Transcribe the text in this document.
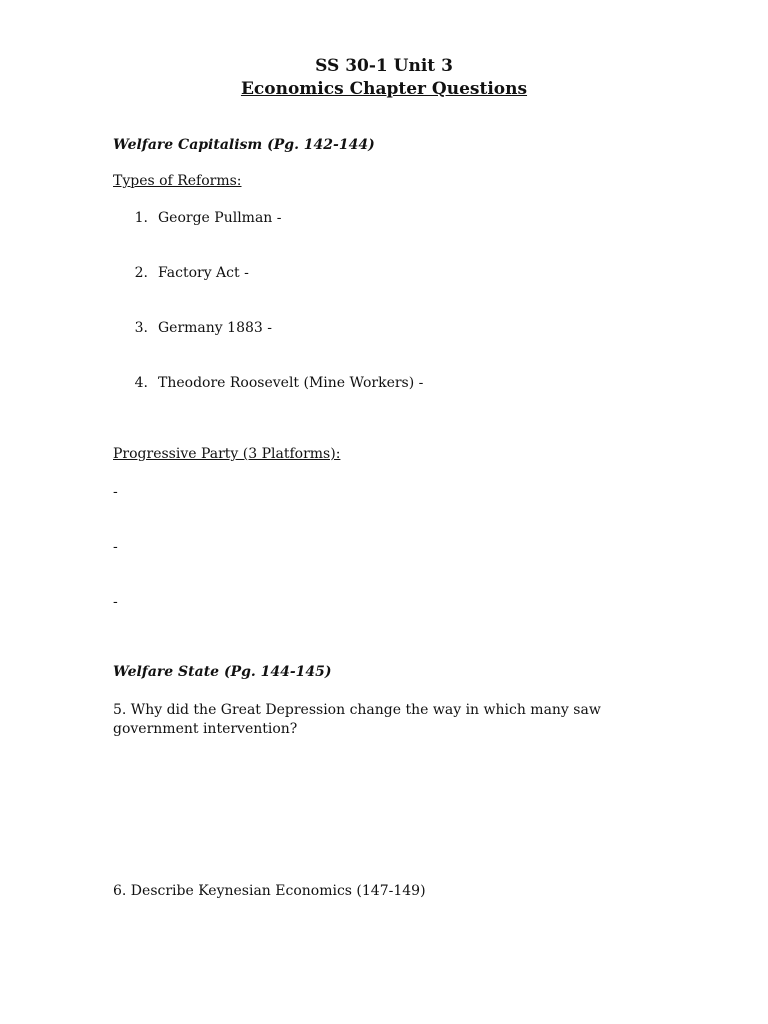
SS 30-1 Unit 3
Economics Chapter Questions
Welfare Capitalism (Pg. 142-144)
Types of Reforms:
1. George Pullman -
2. Factory Act -
3. Germany 1883 -
4. Theodore Roosevelt (Mine Workers) -
Progressive Party (3 Platforms):
-
-
-
Welfare State (Pg. 144-145)
5. Why did the Great Depression change the way in which many saw government intervention?
6. Describe Keynesian Economics (147-149)
